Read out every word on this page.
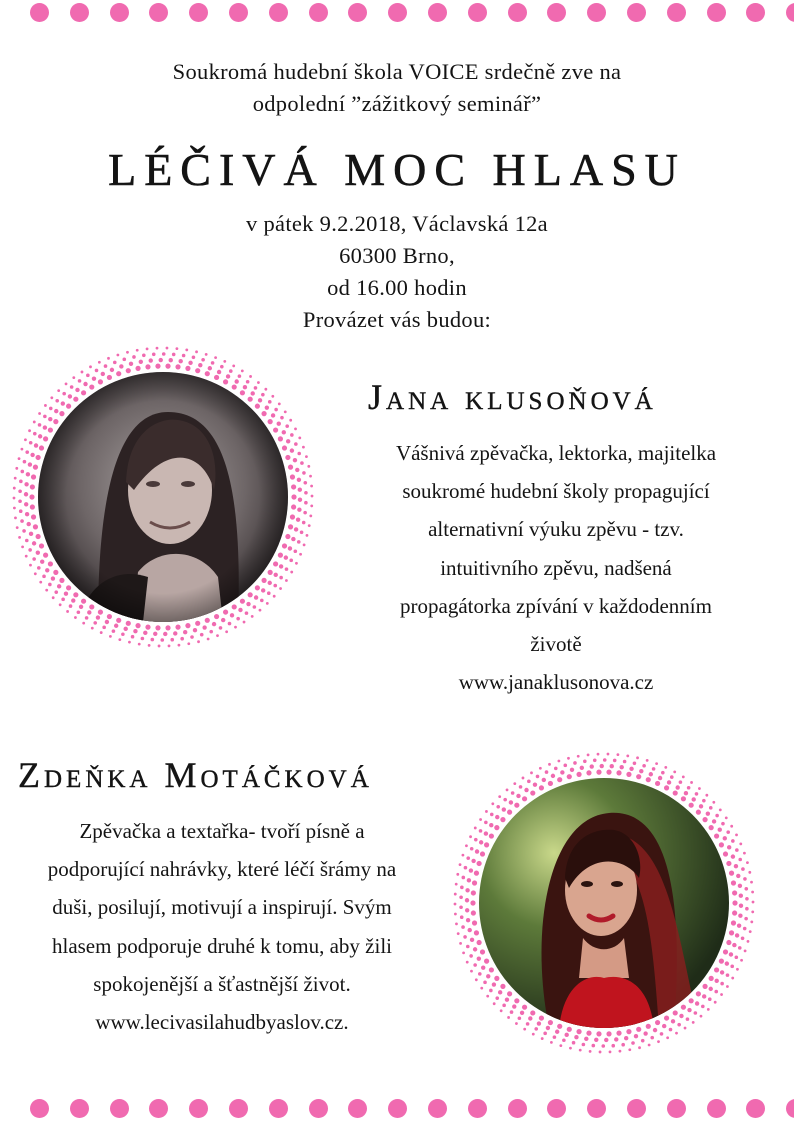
Soukromá hudební škola VOICE srdečně zve na
odpolední ”zážitkový seminář”
LÉČIVÁ MOC HLASU
v pátek 9.2.2018, Václavská 12a
60300 Brno,
od 16.00 hodin
Provázet vás budou:
Jana klusoňová
Vášnivá zpěvačka, lektorka, majitelka
soukromé hudební školy propagující
alternativní výuku zpěvu - tzv.
intuitivního zpěvu, nadšená
propagátorka zpívání v každodenním
životě
www.janaklusonova.cz
Zdeňka Motáčková
Zpěvačka a textařka- tvoří písně a
podporující nahrávky, které léčí šrámy na
duši, posilují, motivují a inspirují. Svým
hlasem podporuje druhé k tomu, aby žili
spokojenější a šťastnější život.
www.lecivasilahudbyaslov.cz.
